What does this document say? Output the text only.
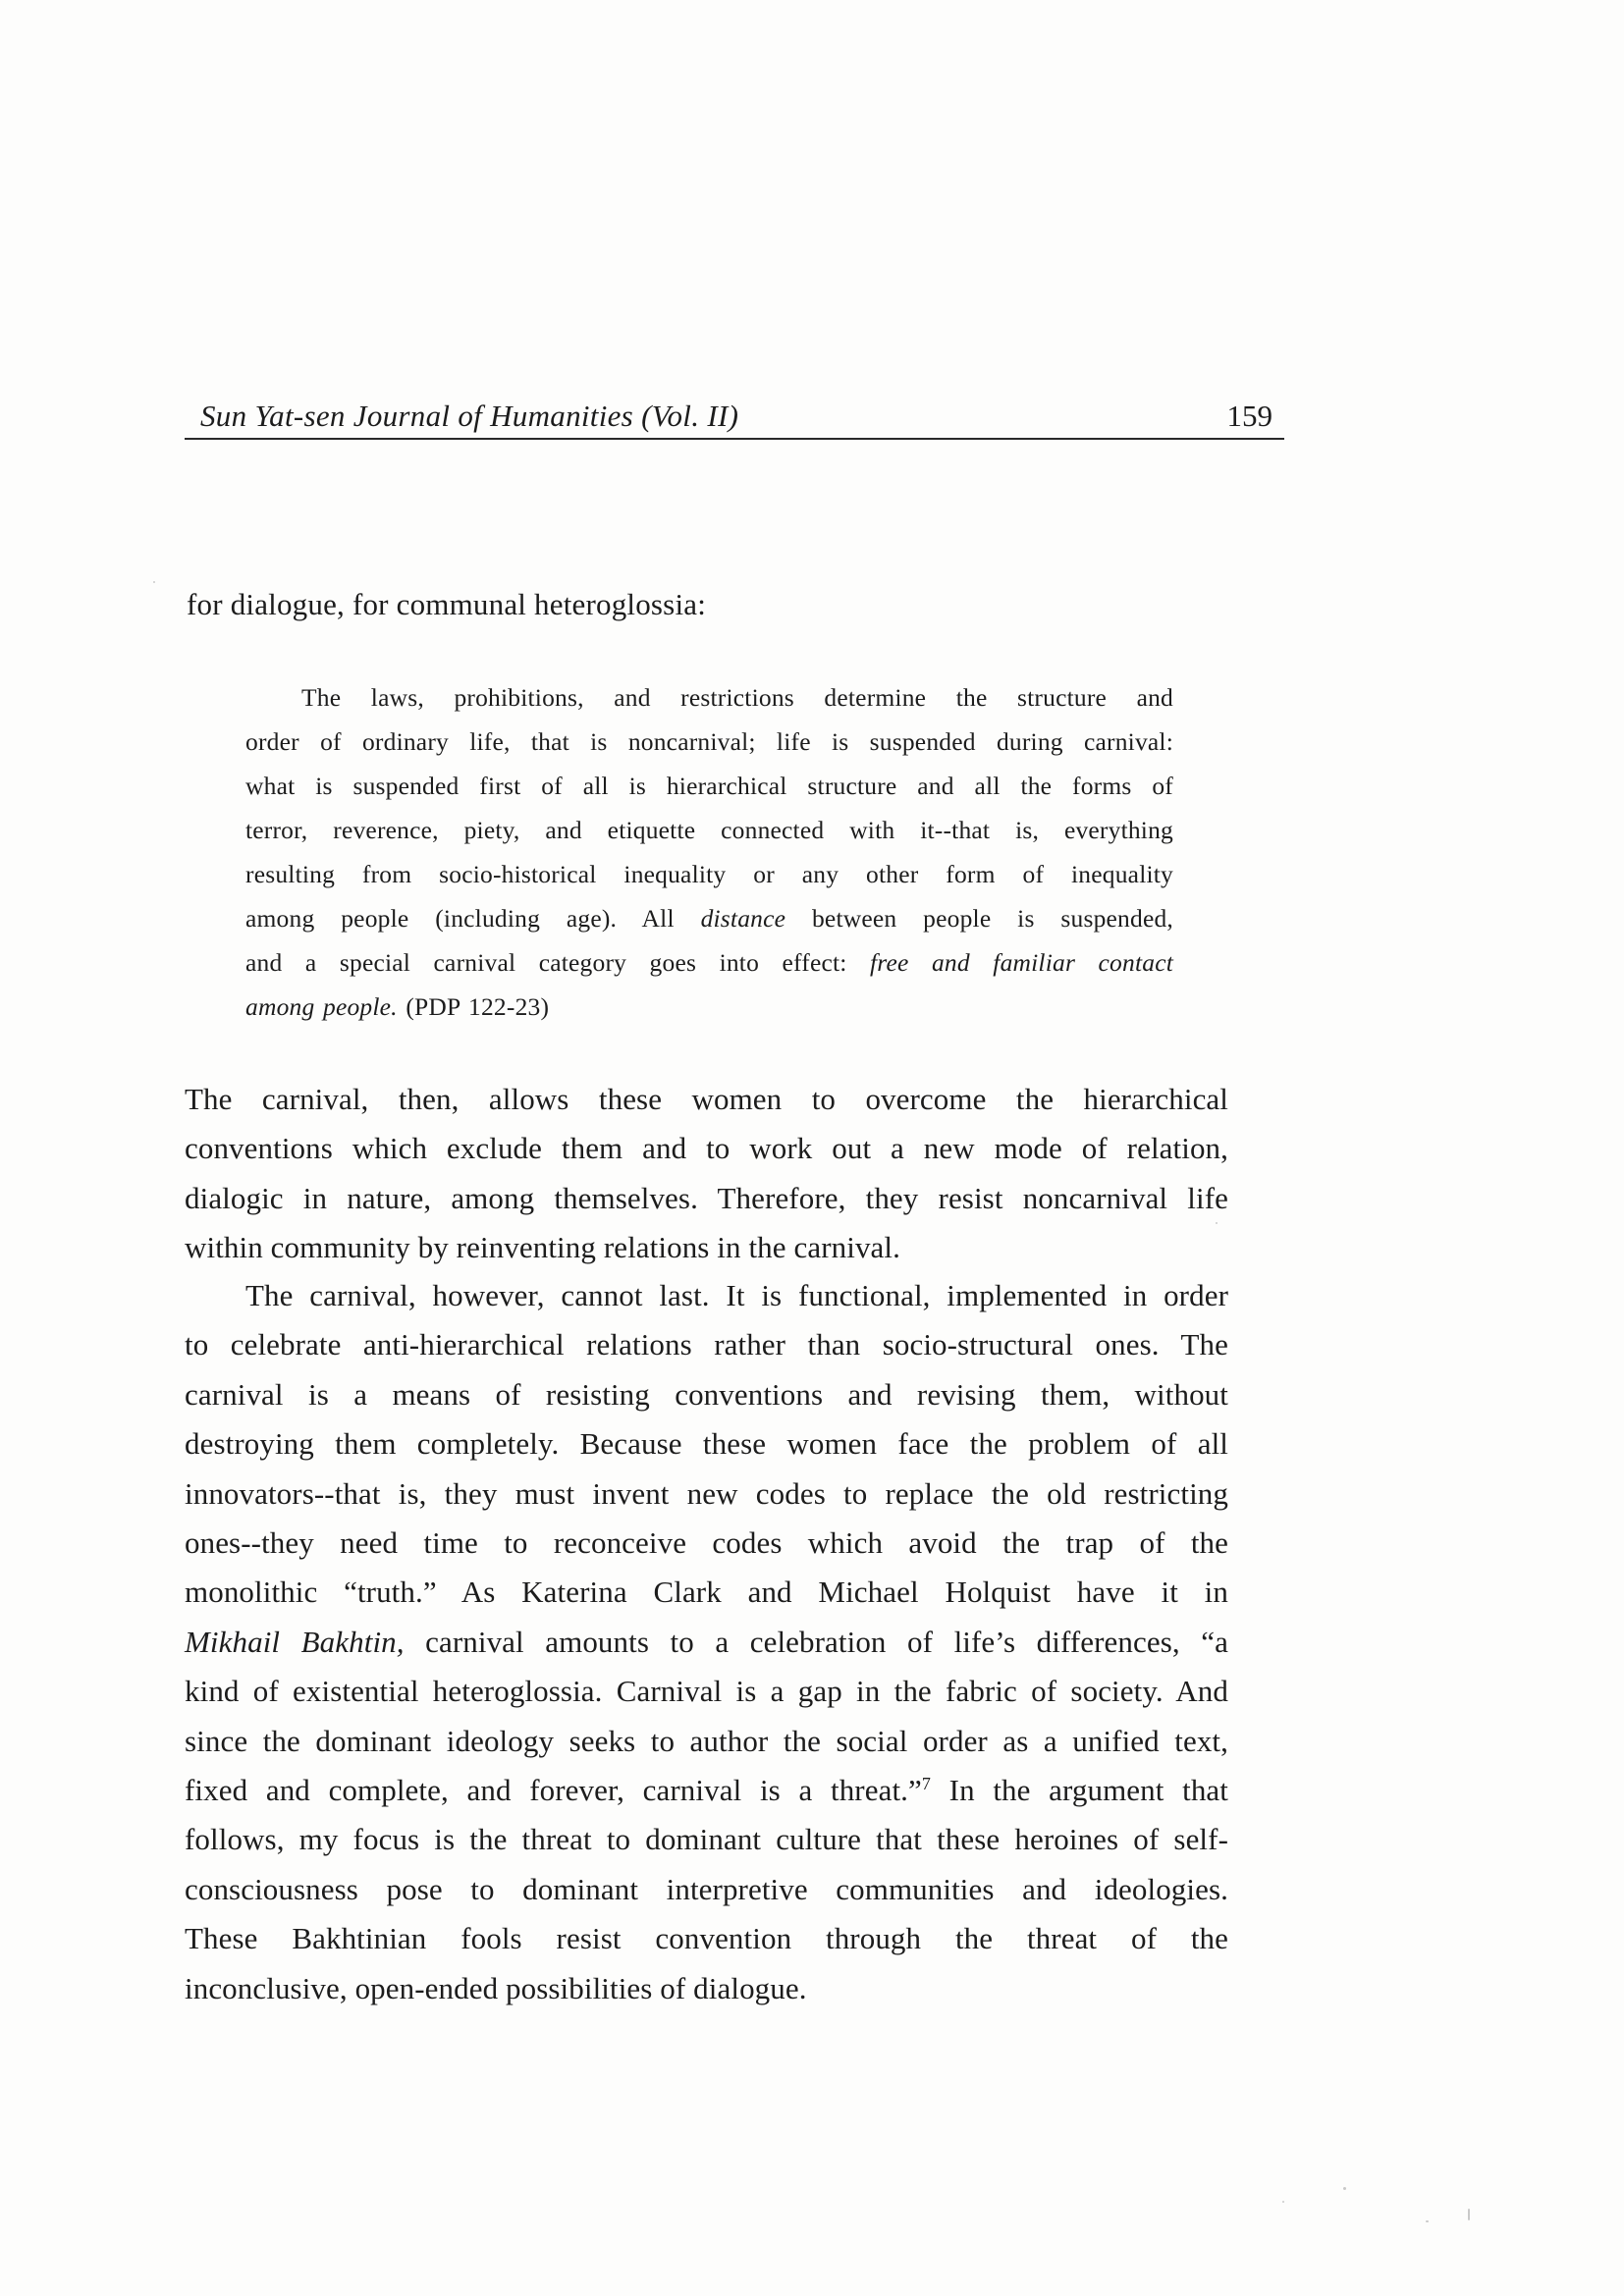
Sun Yat-sen Journal of Humanities (Vol. II)	159
for dialogue, for communal heteroglossia:
The laws, prohibitions, and restrictions determine the structure and
order of ordinary life, that is noncarnival; life is suspended during carnival:
what is suspended first of all is hierarchical structure and all the forms of
terror, reverence, piety, and etiquette connected with it--that is, everything
resulting from socio-historical inequality or any other form of inequality
among people (including age). All distance between people is suspended,
and a special carnival category goes into effect: free and familiar contact
among people. (PDP 122-23)
The carnival, then, allows these women to overcome the hierarchical
conventions which exclude them and to work out a new mode of relation,
dialogic in nature, among themselves. Therefore, they resist noncarnival life
within community by reinventing relations in the carnival.
The carnival, however, cannot last. It is functional, implemented in order
to celebrate anti-hierarchical relations rather than socio-structural ones. The
carnival is a means of resisting conventions and revising them, without
destroying them completely. Because these women face the problem of all
innovators--that is, they must invent new codes to replace the old restricting
ones--they need time to reconceive codes which avoid the trap of the
monolithic “truth.” As Katerina Clark and Michael Holquist have it in
Mikhail Bakhtin, carnival amounts to a celebration of life’s differences, “a
kind of existential heteroglossia. Carnival is a gap in the fabric of society. And
since the dominant ideology seeks to author the social order as a unified text,
fixed and complete, and forever, carnival is a threat.”$^7$ In the argument that
follows, my focus is the threat to dominant culture that these heroines of self-
consciousness pose to dominant interpretive communities and ideologies.
These Bakhtinian fools resist convention through the threat of the
inconclusive, open-ended possibilities of dialogue.
